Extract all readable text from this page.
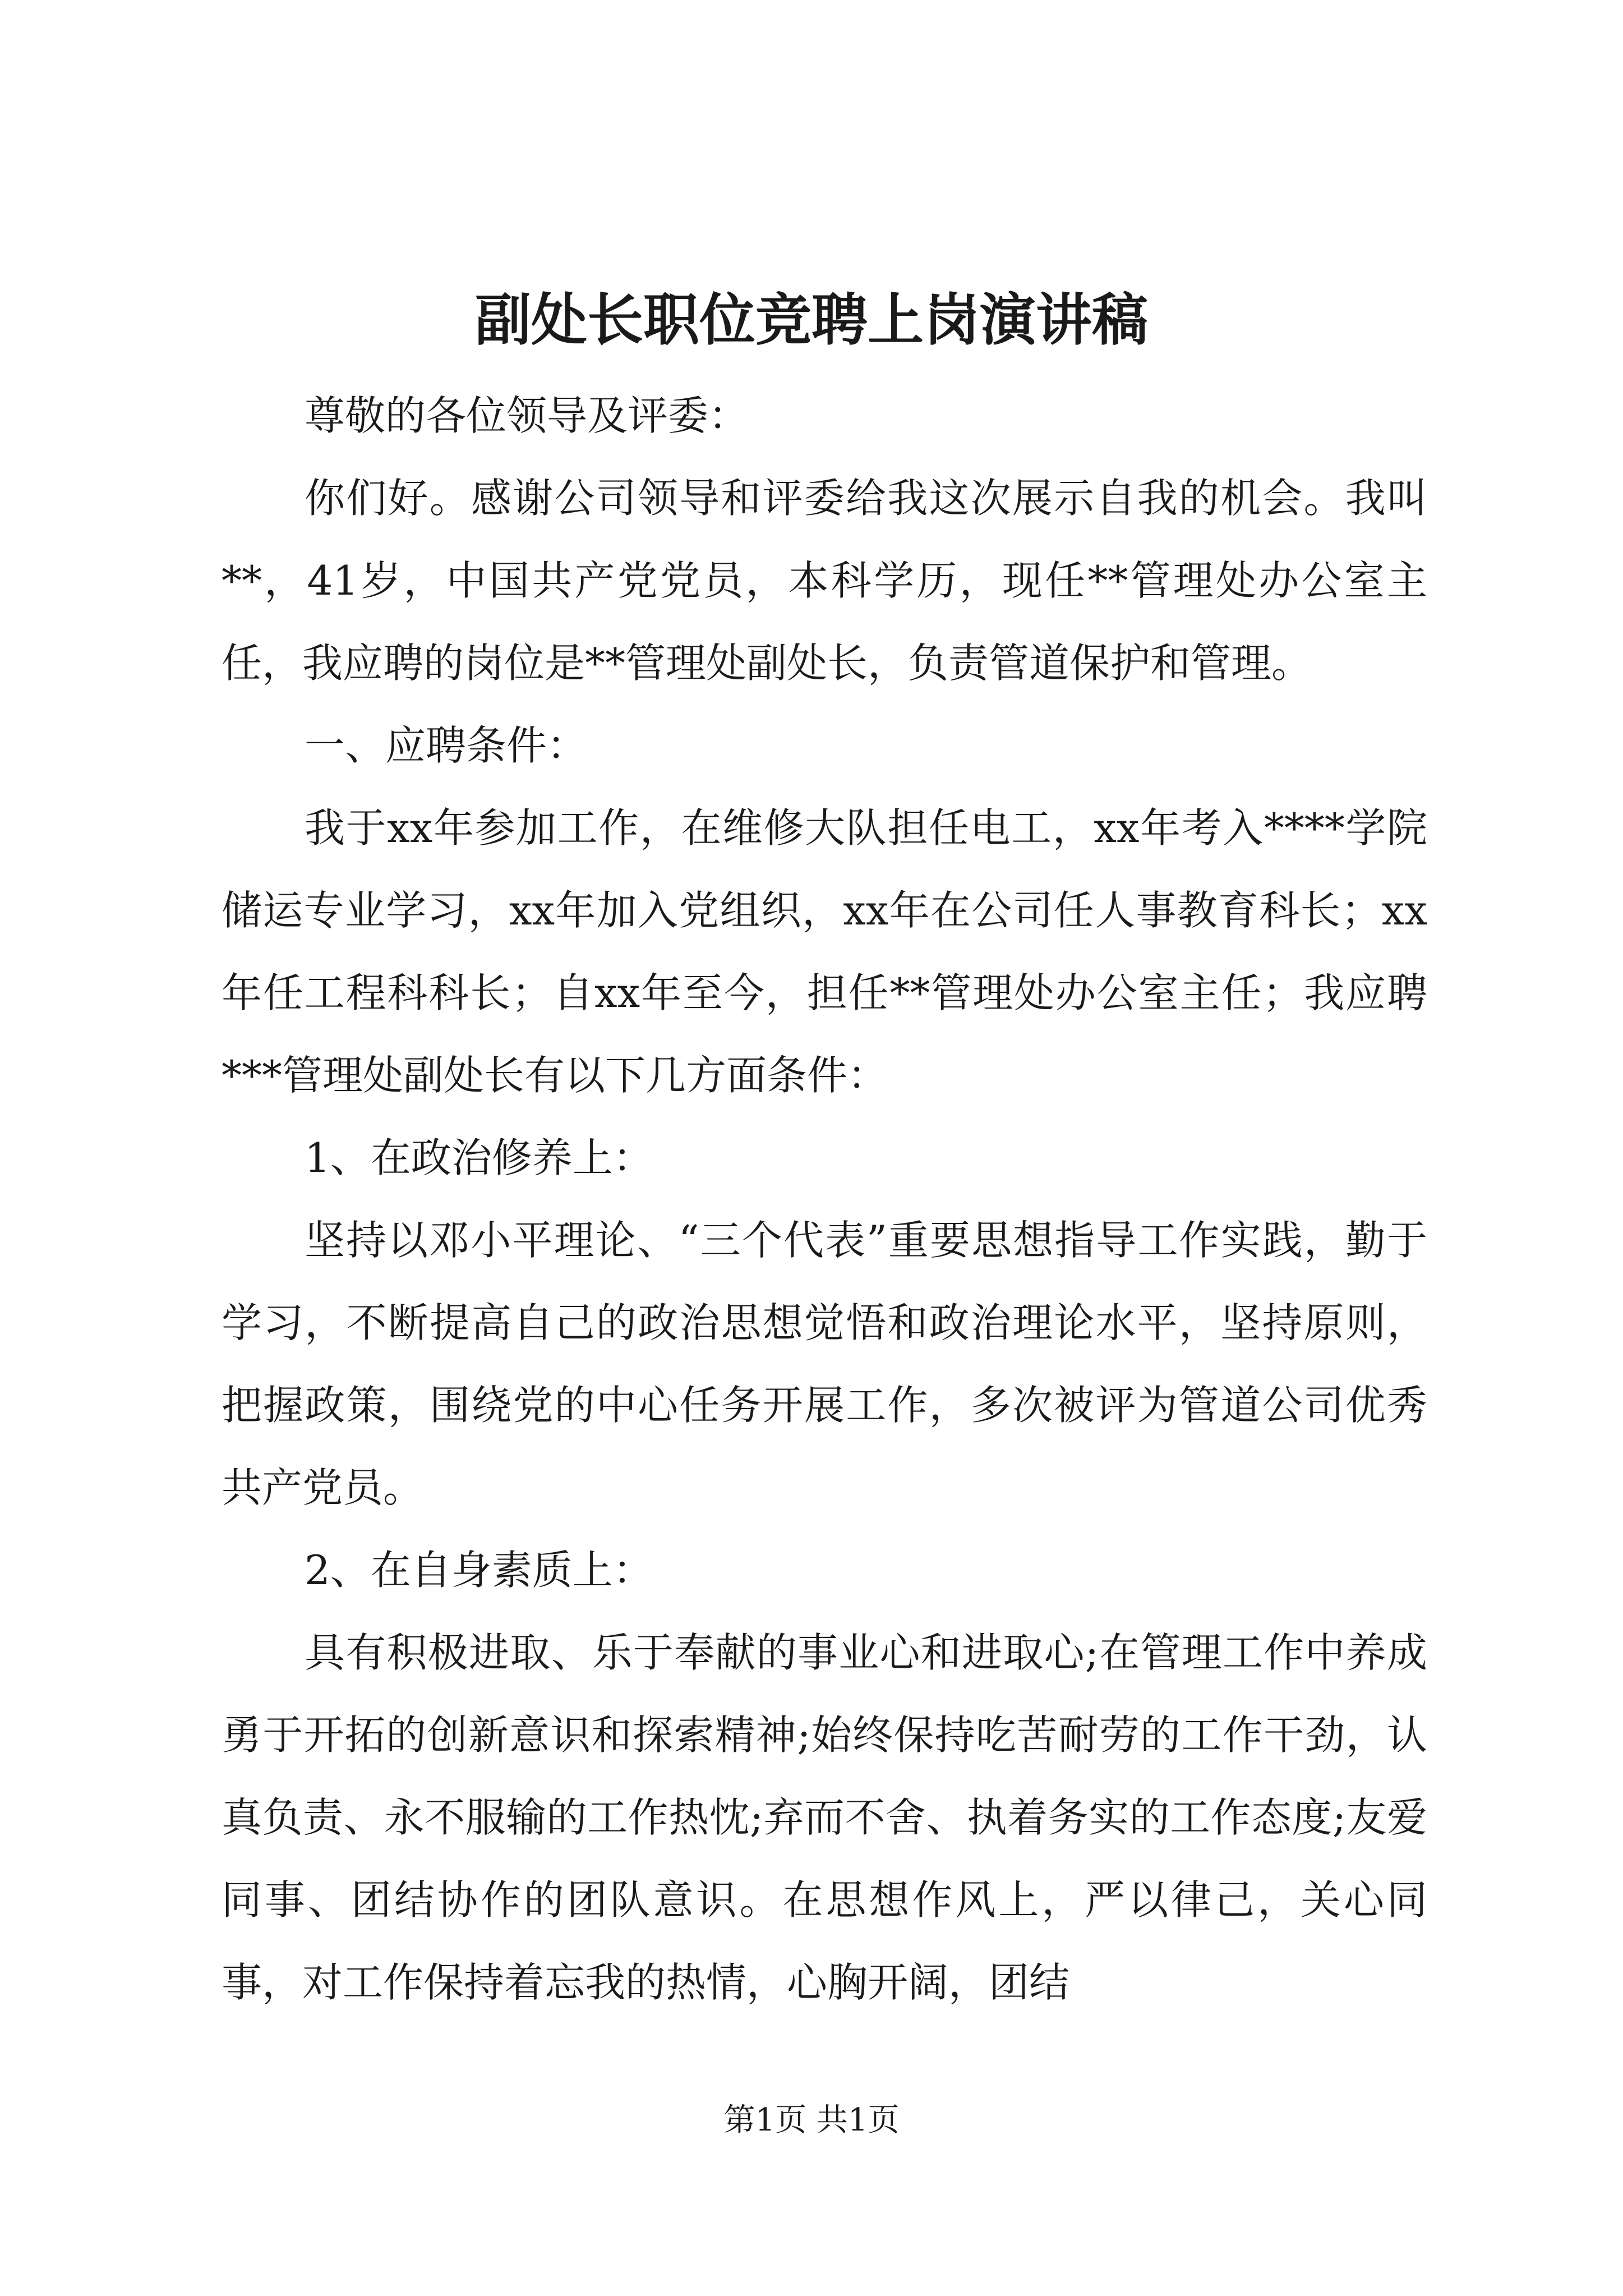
副处长职位竞聘上岗演讲稿

尊敬的各位领导及评委：

你们好。感谢公司领导和评委给我这次展示自我的机会。我叫**，41岁，中国共产党党员，本科学历，现任**管理处办公室主任，我应聘的岗位是**管理处副处长，负责管道保护和管理。

一、应聘条件：

我于xx年参加工作，在维修大队担任电工，xx年考入****学院储运专业学习，xx年加入党组织，xx年在公司任人事教育科长；xx年任工程科科长；自xx年至今，担任**管理处办公室主任；我应聘***管理处副处长有以下几方面条件：

1、在政治修养上：

坚持以邓小平理论、“三个代表”重要思想指导工作实践，勤于学习，不断提高自己的政治思想觉悟和政治理论水平，坚持原则，把握政策，围绕党的中心任务开展工作，多次被评为管道公司优秀共产党员。

2、在自身素质上：

具有积极进取、乐于奉献的事业心和进取心;在管理工作中养成勇于开拓的创新意识和探索精神;始终保持吃苦耐劳的工作干劲，认真负责、永不服输的工作热忱;弃而不舍、执着务实的工作态度;友爱同事、团结协作的团队意识。在思想作风上，严以律己，关心同事，对工作保持着忘我的热情，心胸开阔，团结

第1页 共1页
